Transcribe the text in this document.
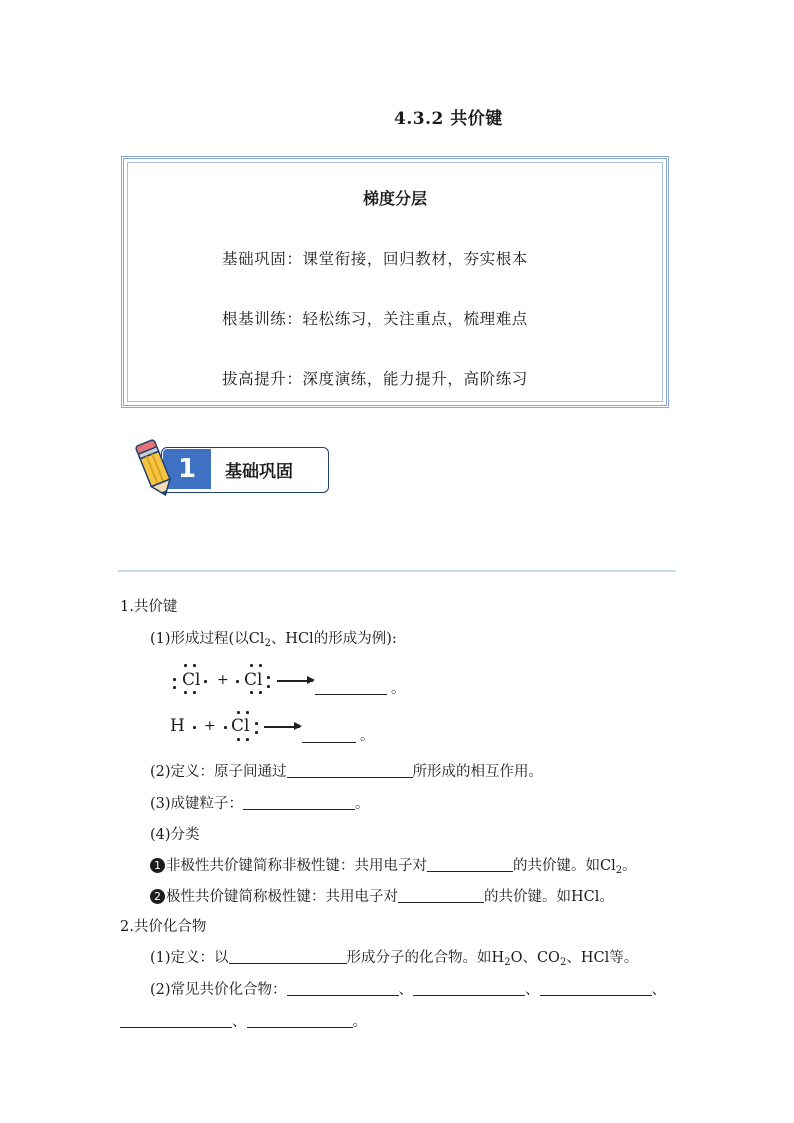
4.3.2 共价键
梯度分层
基础巩固：课堂衔接，回归教材，夯实根本
根基训练：轻松练习，关注重点，梳理难点
拔高提升：深度演练，能力提升，高阶练习
1	基础巩固
1.共价键
(1)形成过程(以$Cl_2$、HCl的形成为例):
Cl + Cl	。
H + Cl	。
(2)定义：原子间通过	所形成的相互作用。
(3)成键粒子：	。
(4)分类
1 非极性共价键简称非极性键：共用电子对	的共价键。如$Cl_2$。
2 极性共价键简称极性键：共用电子对	的共价键。如HCl。
2.共价化合物
(1)定义：以	形成分子的化合物。如$H_2O$、$CO_2$、HCl等。
(2)常见共价化合物：	、	、	、
、	。
